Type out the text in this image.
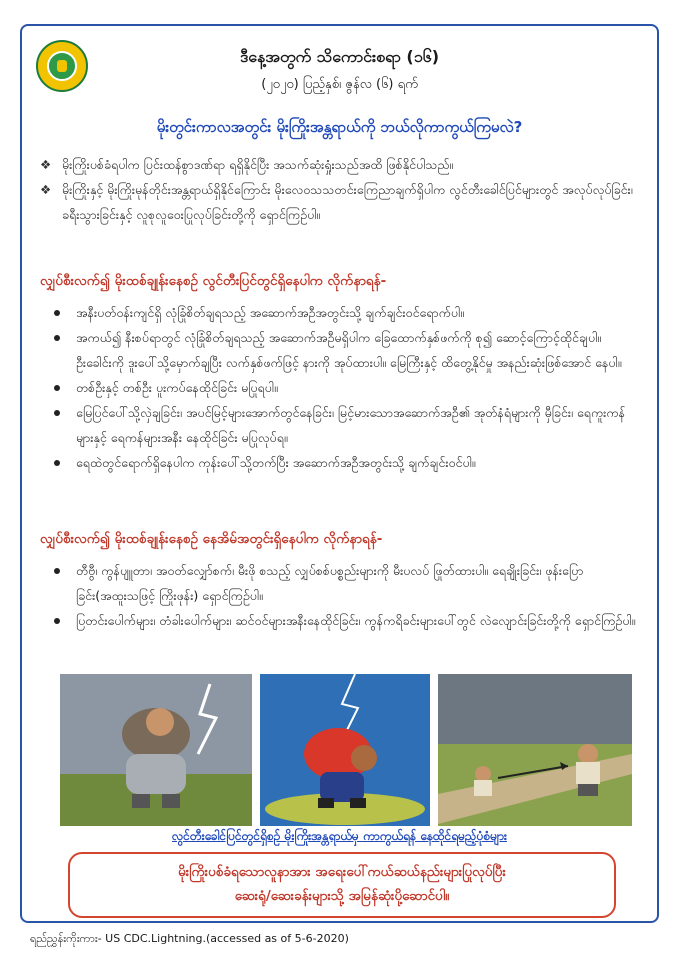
ဒီနေ့အတွက် သိကောင်းစရာ (၁၆)
(၂၀၂၀) ပြည့်နှစ်၊ ဇွန်လ (၆) ရက်
မိုးတွင်းကာလအတွင်း မိုးကြိုးအန္တရာယ်ကို ဘယ်လိုကာကွယ်ကြမလဲ?
❖ မိုးကြိုးပစ်ခံရပါက ပြင်းထန်စွာဒဏ်ရာ ရရှိနိုင်ပြီး အသက်ဆုံးရှုံးသည်အထိ ဖြစ်နိုင်ပါသည်။
❖ မိုးကြိုးနှင့် မိုးကြိုးမုန်တိုင်းအန္တရာယ်ရှိနိုင်ကြောင်း မိုးလေဝသသတင်းကြေညာချက်ရှိပါက လွင်တီးခေါင်ပြင်များတွင် အလုပ်လုပ်ခြင်း၊ ခရီးသွားခြင်းနှင့် လူစုလူဝေးပြုလုပ်ခြင်းတို့ကို ရှောင်ကြဉ်ပါ။
လျှပ်စီးလက်၍ မိုးထစ်ချုန်းနေစဉ် လွင်တီးပြင်တွင်ရှိနေပါက လိုက်နာရန်-
အနီးပတ်ဝန်းကျင်ရှိ လုံခြုံစိတ်ချရသည့် အဆောက်အဦအတွင်းသို့ ချက်ချင်းဝင်ရောက်ပါ။
အကယ်၍ နီးစပ်ရာတွင် လုံခြုံစိတ်ချရသည့် အဆောက်အဦမရှိပါက ခြေထောက်နှစ်ဖက်ကို စု၍ ဆောင့်ကြောင့်ထိုင်ချပါ။ ဦးခေါင်းကို ဒူးပေါ်သို့မှောက်ချပြီး လက်နှစ်ဖက်ဖြင့် နားကို အုပ်ထားပါ။ မြေကြီးနှင့် ထိတွေ့နိုင်မှု အနည်းဆုံးဖြစ်အောင် နေပါ။
တစ်ဦးနှင့် တစ်ဦး ပူးကပ်နေထိုင်ခြင်း မပြုရပါ။
မြေပြင်ပေါ်သို့လှဲချခြင်း၊ အပင်မြင့်များအောက်တွင်နေခြင်း၊ မြင့်မားသောအဆောက်အဦ၏ အုတ်နံရံများကို မှီခြင်း၊ ရေကူးကန်များနှင့် ရေကန်များအနီး နေထိုင်ခြင်း မပြုလုပ်ရ။
ရေထဲတွင်ရောက်ရှိနေပါက ကုန်းပေါ်သို့တက်ပြီး အဆောက်အဦအတွင်းသို့ ချက်ချင်းဝင်ပါ။
လျှပ်စီးလက်၍ မိုးထစ်ချုန်းနေစဉ် နေအိမ်အတွင်းရှိနေပါက လိုက်နာရန်-
တီဗွီ၊ ကွန်ပျူတာ၊ အဝတ်လျှော်စက်၊ မီးဖို စသည့် လျှပ်စစ်ပစ္စည်းများကို မီးပလပ် ဖြုတ်ထားပါ။ ရေချိုးခြင်း၊ ဖုန်းပြောခြင်း(အထူးသဖြင့် ကြိုးဖုန်း) ရှောင်ကြဉ်ပါ။
ပြတင်းပေါက်များ၊ တံခါးပေါက်များ၊ ဆင်ဝင်များအနီးနေထိုင်ခြင်း၊ ကွန်ကရိခင်းများပေါ်တွင် လဲလျောင်းခြင်းတို့ကို ရှောင်ကြဉ်ပါ။
လွင်တီးခေါင်ပြင်တွင်ရှိစဉ် မိုးကြိုးအန္တရာယ်မှ ကာကွယ်ရန် နေထိုင်ရမည့်ပုံစံများ
မိုးကြိုးပစ်ခံရသောလူနာအား အရေးပေါ်ကယ်ဆယ်နည်းများပြုလုပ်ပြီး
ဆေးရုံ/ဆေးခန်းများသို့ အမြန်ဆုံးပို့ဆောင်ပါ။
ရည်ညွှန်းကိုးကား- US CDC.Lightning.(accessed as of 5-6-2020)
